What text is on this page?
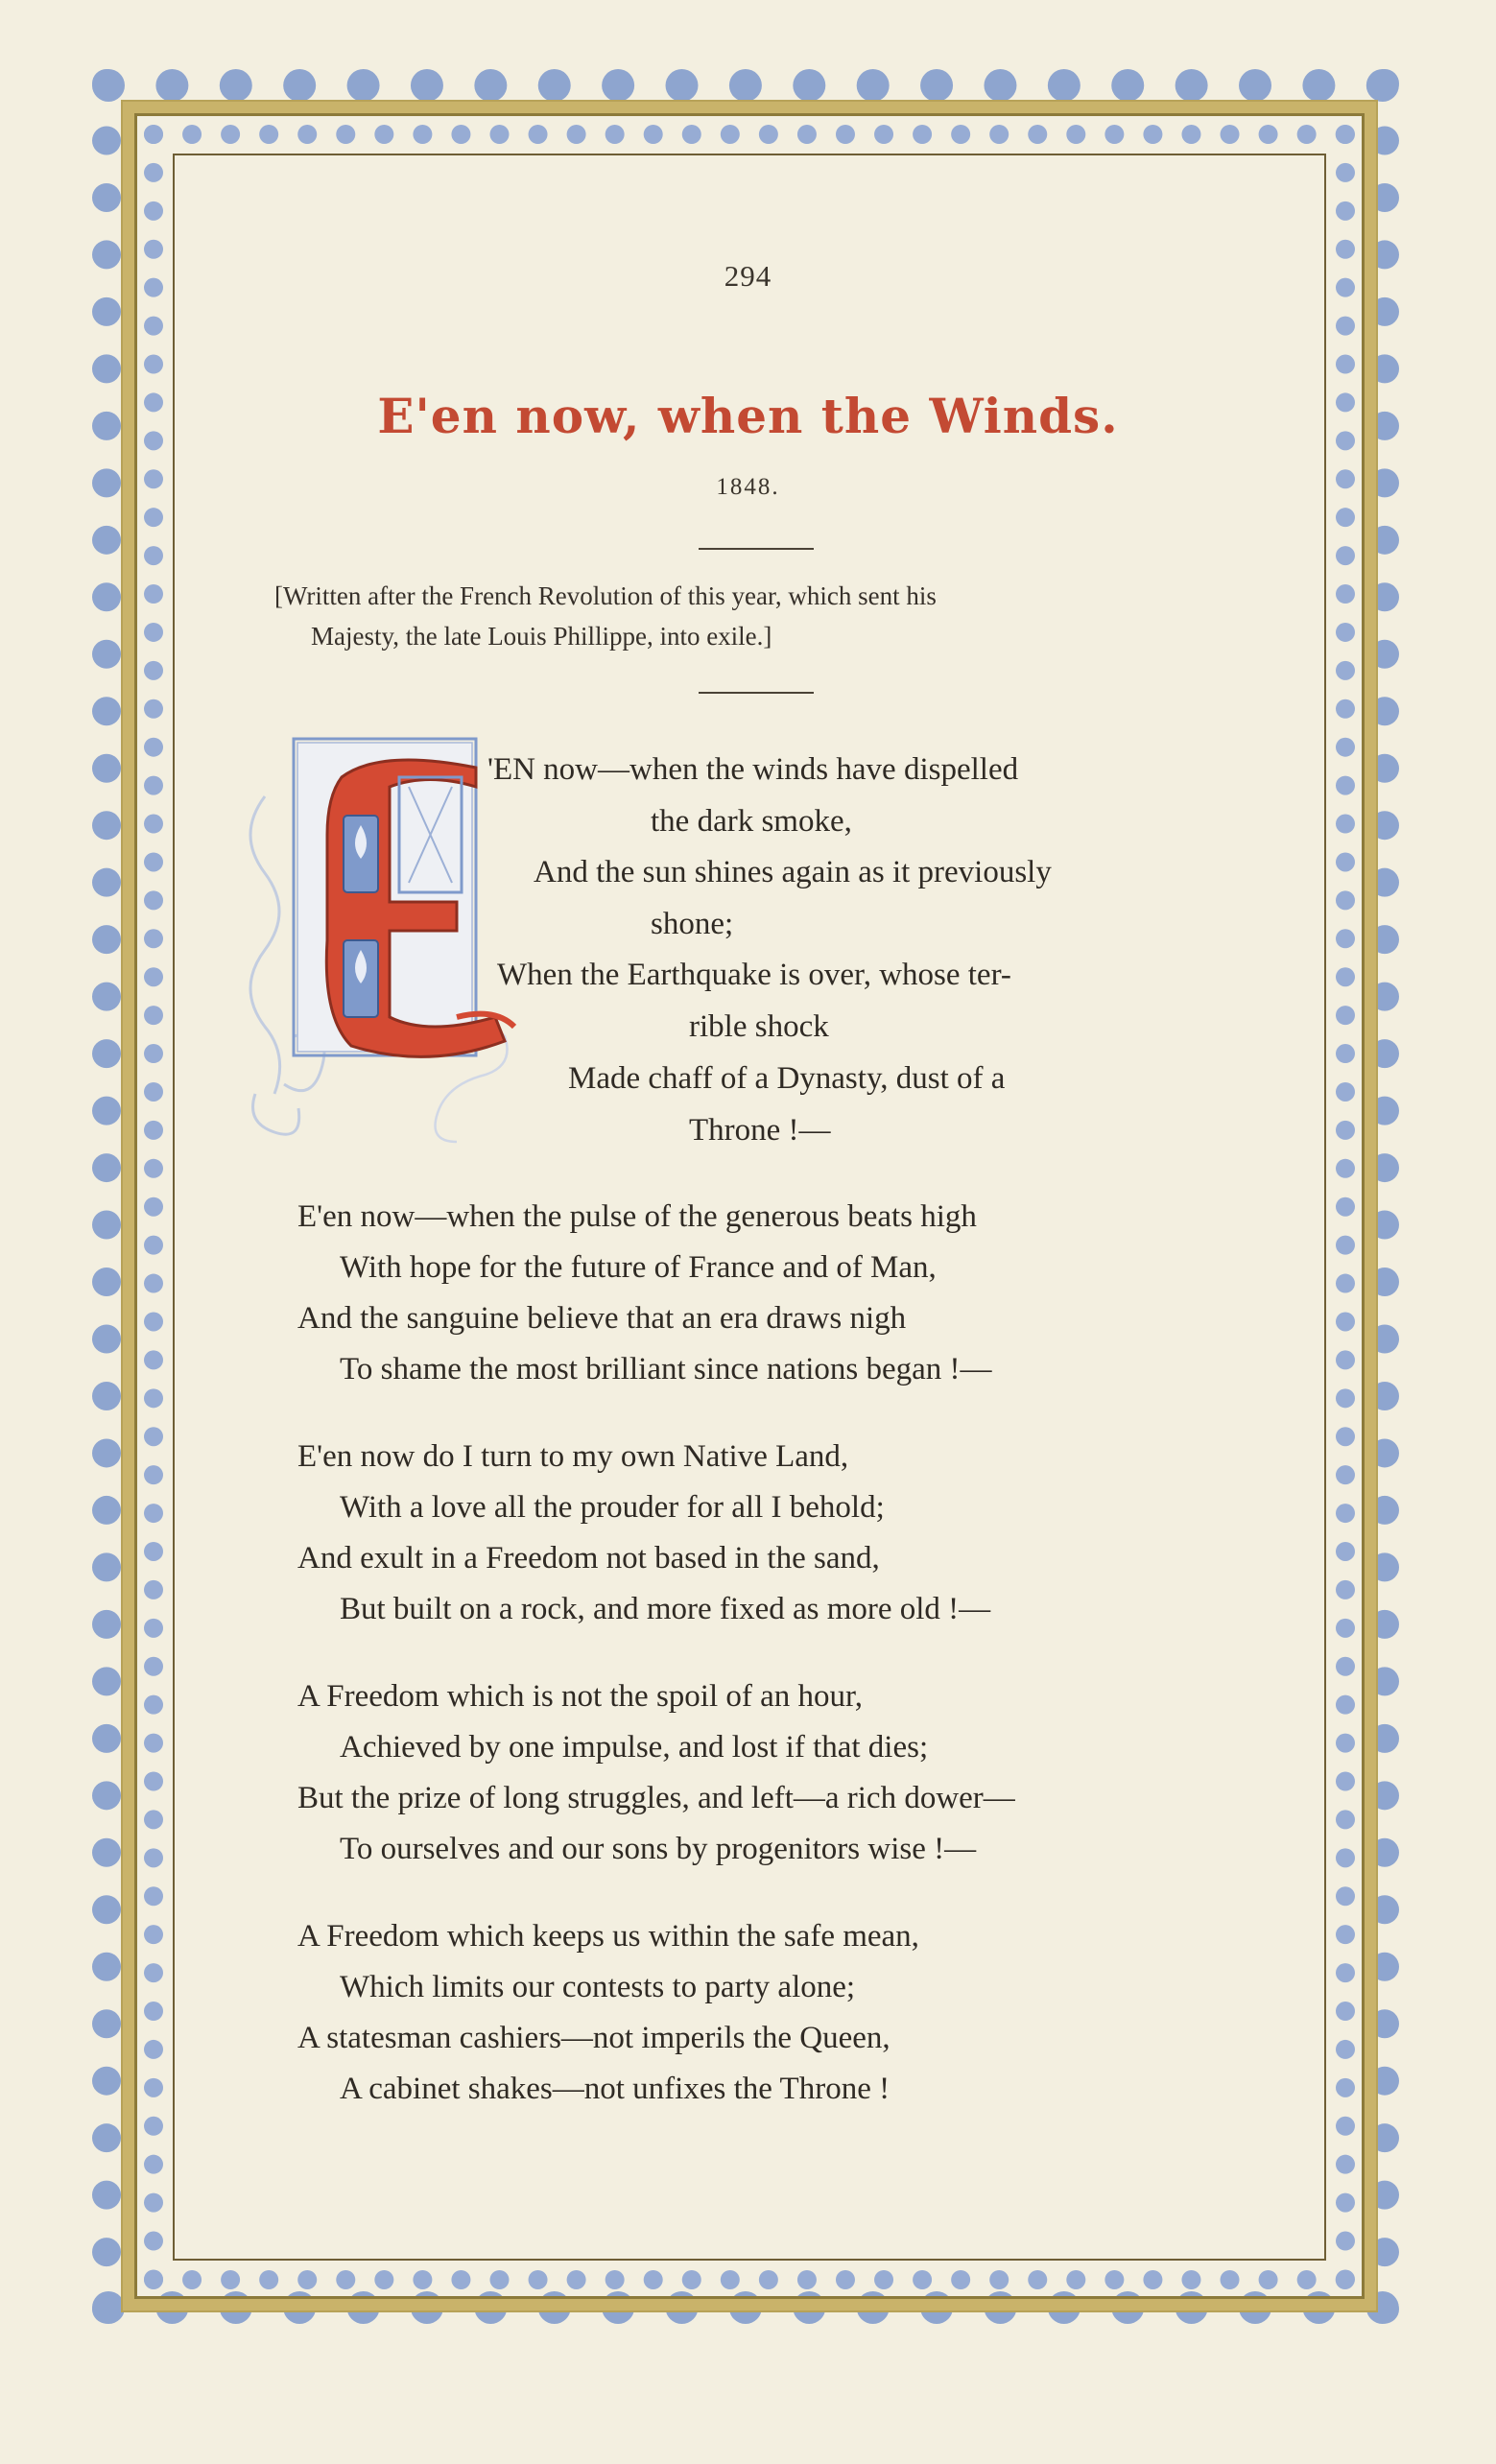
294
E'en now, when the Winds.
1848.
[Written after the French Revolution of this year, which sent his
Majesty, the late Louis Phillippe, into exile.]
'EN now—when the winds have dispelled
the dark smoke,
And the sun shines again as it previously
shone;
When the Earthquake is over, whose ter-
rible shock
Made chaff of a Dynasty, dust of a
Throne !—
E'en now—when the pulse of the generous beats high
With hope for the future of France and of Man,
And the sanguine believe that an era draws nigh
To shame the most brilliant since nations began !—
E'en now do I turn to my own Native Land,
With a love all the prouder for all I behold;
And exult in a Freedom not based in the sand,
But built on a rock, and more fixed as more old !—
A Freedom which is not the spoil of an hour,
Achieved by one impulse, and lost if that dies;
But the prize of long struggles, and left—a rich dower—
To ourselves and our sons by progenitors wise !—
A Freedom which keeps us within the safe mean,
Which limits our contests to party alone;
A statesman cashiers—not imperils the Queen,
A cabinet shakes—not unfixes the Throne !
